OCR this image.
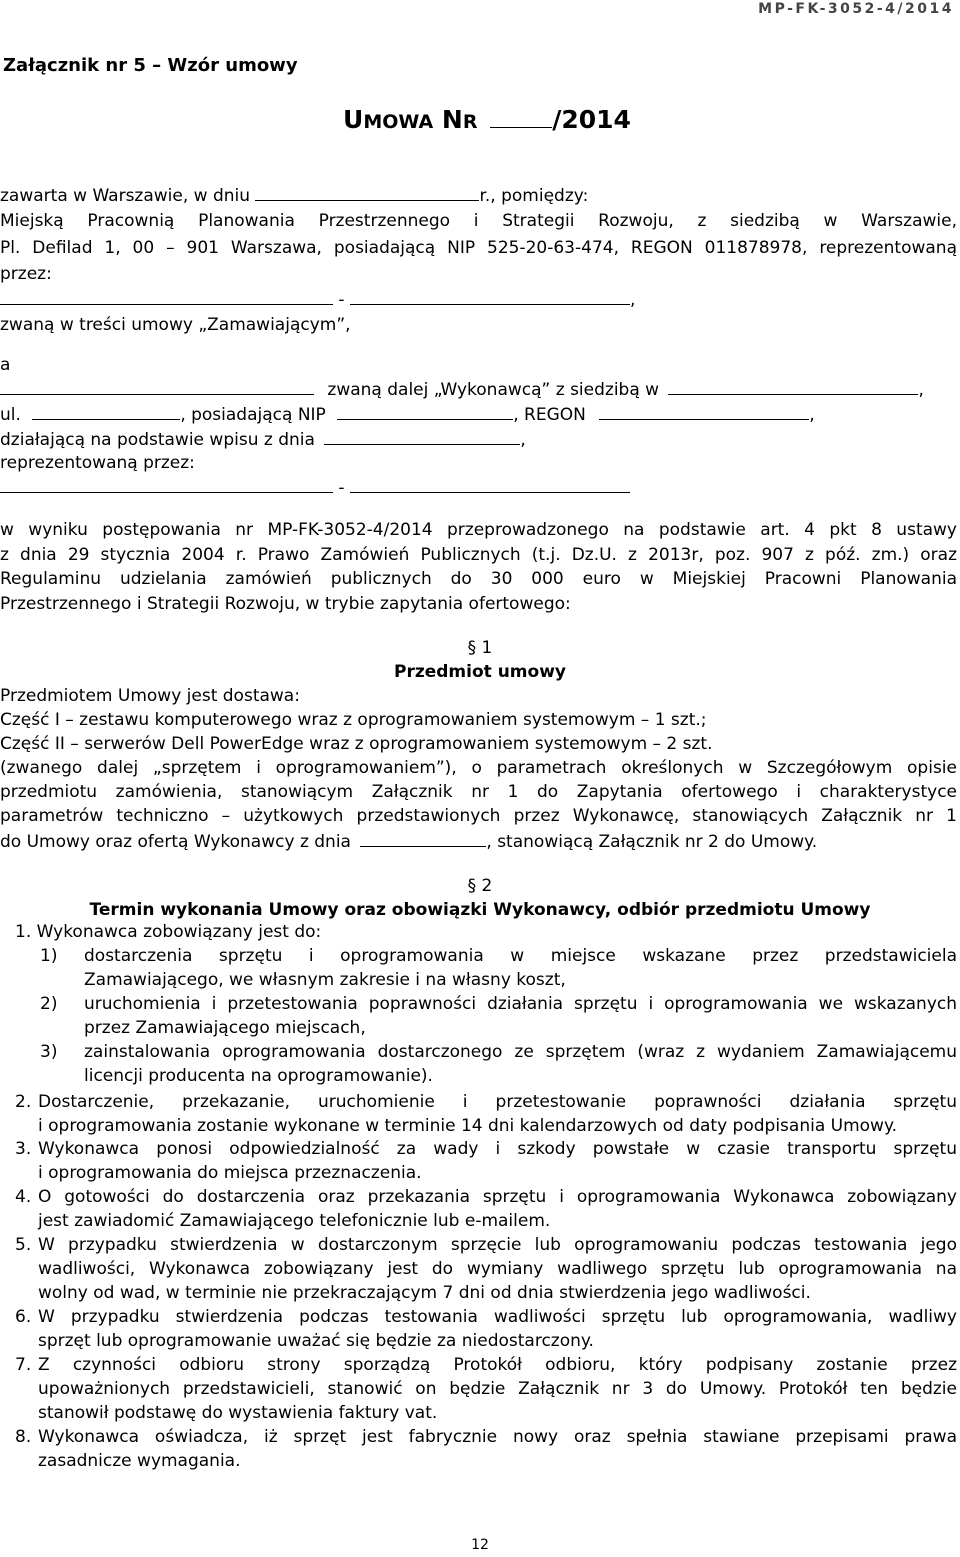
MP-FK-3052-4/2014
Załącznik nr 5 – Wzór umowy
UMOWA NR	/2014
zawarta w Warszawie, w dniu	r., pomiędzy:
Miejską Pracownią Planowania Przestrzennego i Strategii Rozwoju, z siedzibą w Warszawie,
Pl. Defilad 1, 00 – 901 Warszawa, posiadającą NIP 525-20-63-474, REGON 011878978, reprezentowaną
przez:
-	,
zwaną w treści umowy „Zamawiającym”,
a
zwaną dalej „Wykonawcą” z siedzibą w	,
ul.	, posiadającą NIP	, REGON	,
działającą na podstawie wpisu z dnia	,
reprezentowaną przez:
-
w wyniku postępowania nr MP-FK-3052-4/2014 przeprowadzonego na podstawie art. 4 pkt 8 ustawy
z dnia 29 stycznia 2004 r. Prawo Zamówień Publicznych (t.j. Dz.U. z 2013r, poz. 907 z póź. zm.) oraz
Regulaminu udzielania zamówień publicznych do 30 000 euro w Miejskiej Pracowni Planowania
Przestrzennego i Strategii Rozwoju, w trybie zapytania ofertowego:
§ 1
Przedmiot umowy
Przedmiotem Umowy jest dostawa:
Część I – zestawu komputerowego wraz z oprogramowaniem systemowym – 1 szt.;
Część II – serwerów Dell PowerEdge wraz z oprogramowaniem systemowym – 2 szt.
(zwanego dalej „sprzętem i oprogramowaniem”), o parametrach określonych w Szczegółowym opisie
przedmiotu zamówienia, stanowiącym Załącznik nr 1 do Zapytania ofertowego i charakterystyce
parametrów techniczno – użytkowych przedstawionych przez Wykonawcę, stanowiących Załącznik nr 1
do Umowy oraz ofertą Wykonawcy z dnia	, stanowiącą Załącznik nr 2 do Umowy.
§ 2
Termin wykonania Umowy oraz obowiązki Wykonawcy, odbiór przedmiotu Umowy
1. Wykonawca zobowiązany jest do:
1) dostarczenia sprzętu i oprogramowania w miejsce wskazane przez przedstawiciela
Zamawiającego, we własnym zakresie i na własny koszt,
2) uruchomienia i przetestowania poprawności działania sprzętu i oprogramowania we wskazanych
przez Zamawiającego miejscach,
3) zainstalowania oprogramowania dostarczonego ze sprzętem (wraz z wydaniem Zamawiającemu
licencji producenta na oprogramowanie).
2. Dostarczenie, przekazanie, uruchomienie i przetestowanie poprawności działania sprzętu
i oprogramowania zostanie wykonane w terminie 14 dni kalendarzowych od daty podpisania Umowy.
3. Wykonawca ponosi odpowiedzialność za wady i szkody powstałe w czasie transportu sprzętu
i oprogramowania do miejsca przeznaczenia.
4. O gotowości do dostarczenia oraz przekazania sprzętu i oprogramowania Wykonawca zobowiązany
jest zawiadomić Zamawiającego telefonicznie lub e-mailem.
5. W przypadku stwierdzenia w dostarczonym sprzęcie lub oprogramowaniu podczas testowania jego
wadliwości, Wykonawca zobowiązany jest do wymiany wadliwego sprzętu lub oprogramowania na
wolny od wad, w terminie nie przekraczającym 7 dni od dnia stwierdzenia jego wadliwości.
6. W przypadku stwierdzenia podczas testowania wadliwości sprzętu lub oprogramowania, wadliwy
sprzęt lub oprogramowanie uważać się będzie za niedostarczony.
7. Z czynności odbioru strony sporządzą Protokół odbioru, który podpisany zostanie przez
upoważnionych przedstawicieli, stanowić on będzie Załącznik nr 3 do Umowy. Protokół ten będzie
stanowił podstawę do wystawienia faktury vat.
8. Wykonawca oświadcza, iż sprzęt jest fabrycznie nowy oraz spełnia stawiane przepisami prawa
zasadnicze wymagania.
12
